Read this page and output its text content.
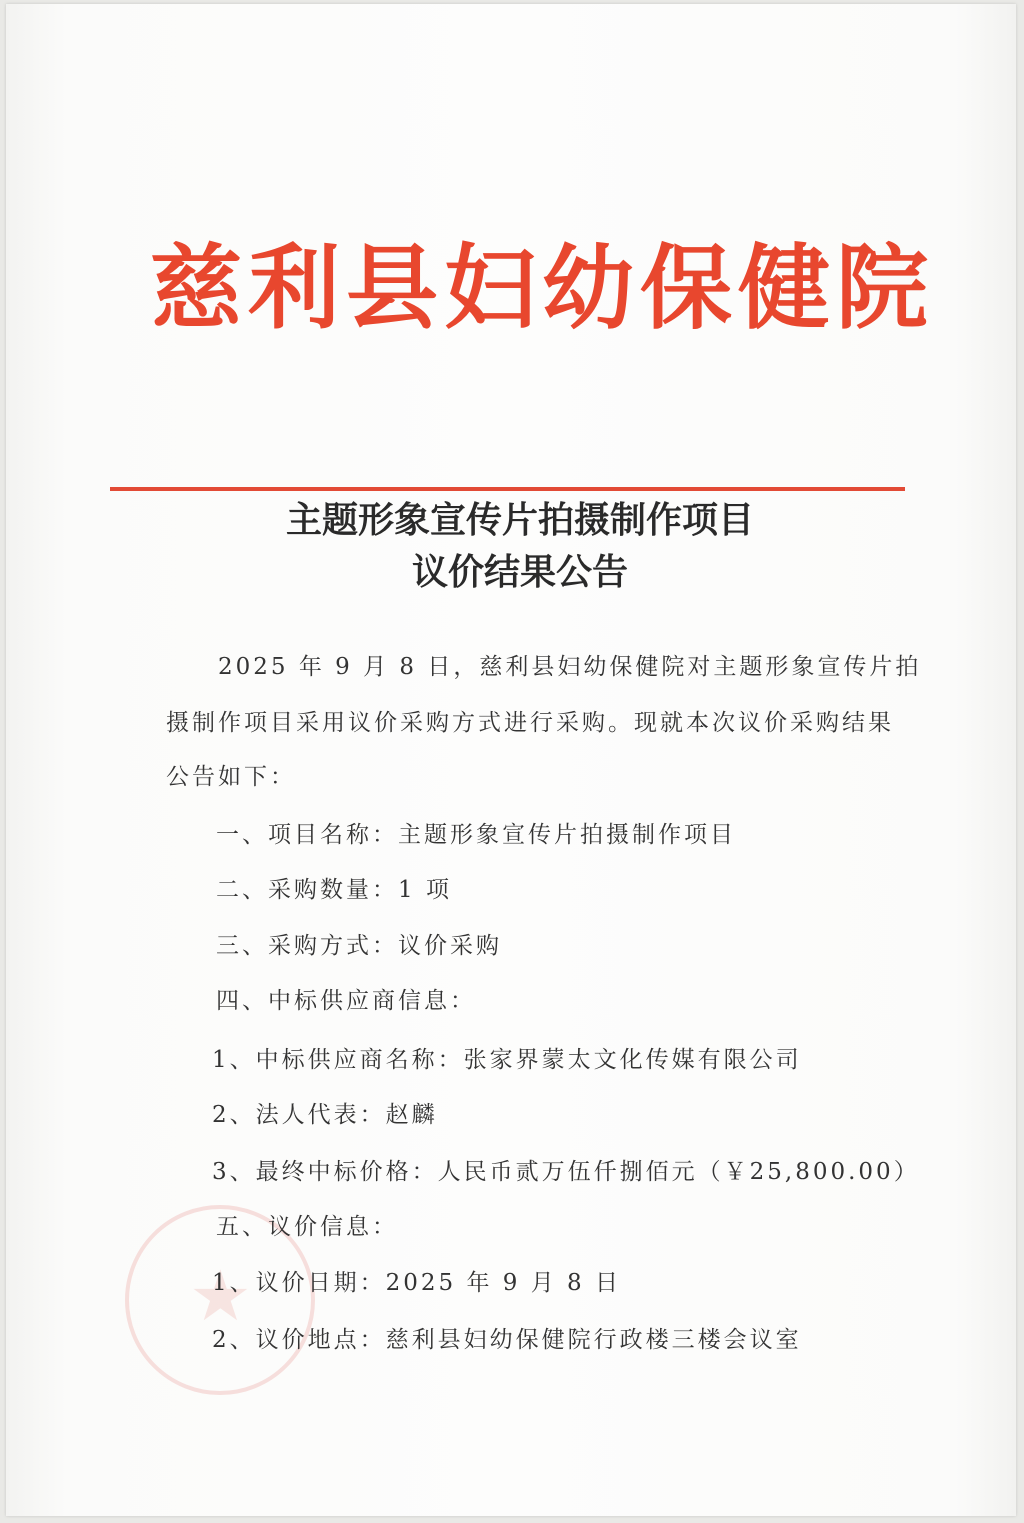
慈利县妇幼保健院
主题形象宣传片拍摄制作项目
议价结果公告
2025 年 9 月 8 日，慈利县妇幼保健院对主题形象宣传片拍
摄制作项目采用议价采购方式进行采购。现就本次议价采购结果
公告如下：
★
一、项目名称：主题形象宣传片拍摄制作项目
二、采购数量：1 项
三、采购方式：议价采购
四、中标供应商信息：
1、中标供应商名称：张家界蒙太文化传媒有限公司
2、法人代表：赵麟
3、最终中标价格：人民币贰万伍仟捌佰元（￥25,800.00）
五、议价信息：
1、议价日期：2025 年 9 月 8 日
2、议价地点：慈利县妇幼保健院行政楼三楼会议室
